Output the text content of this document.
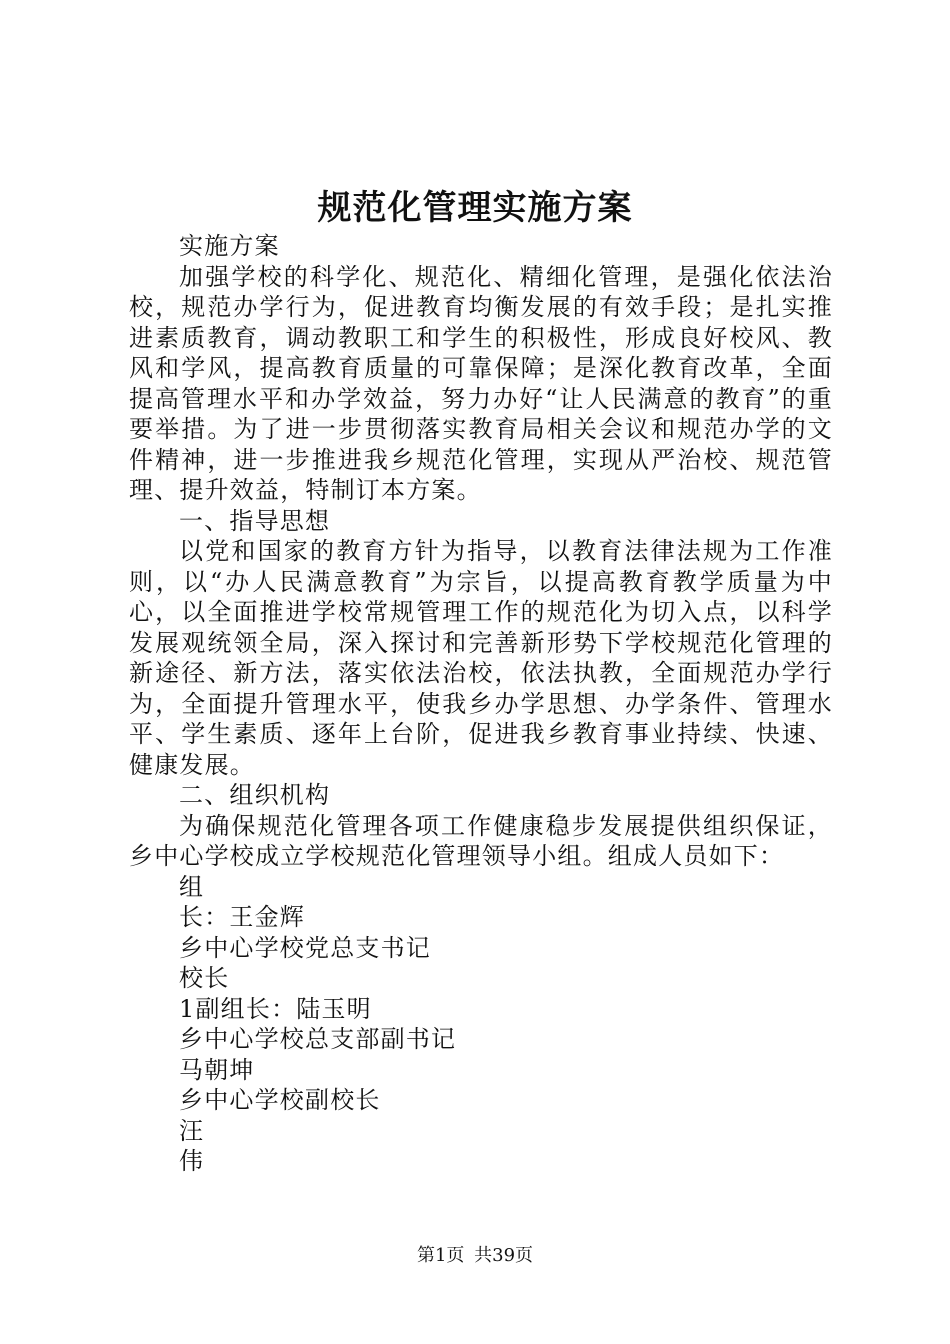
规范化管理实施方案

实施方案

加强学校的科学化、规范化、精细化管理，是强化依法治校，规范办学行为，促进教育均衡发展的有效手段；是扎实推进素质教育，调动教职工和学生的积极性，形成良好校风、教风和学风，提高教育质量的可靠保障；是深化教育改革，全面提高管理水平和办学效益，努力办好“让人民满意的教育”的重要举措。为了进一步贯彻落实教育局相关会议和规范办学的文件精神，进一步推进我乡规范化管理，实现从严治校、规范管理、提升效益，特制订本方案。

一、指导思想

以党和国家的教育方针为指导，以教育法律法规为工作准则，以“办人民满意教育”为宗旨，以提高教育教学质量为中心，以全面推进学校常规管理工作的规范化为切入点，以科学发展观统领全局，深入探讨和完善新形势下学校规范化管理的新途径、新方法，落实依法治校，依法执教，全面规范办学行为，全面提升管理水平，使我乡办学思想、办学条件、管理水平、学生素质、逐年上台阶，促进我乡教育事业持续、快速、健康发展。

二、组织机构

为确保规范化管理各项工作健康稳步发展提供组织保证，乡中心学校成立学校规范化管理领导小组。组成人员如下：

组

长：王金辉

乡中心学校党总支书记

校长

1副组长：陆玉明

乡中心学校总支部副书记

马朝坤

乡中心学校副校长

汪

伟

第1页 共39页
